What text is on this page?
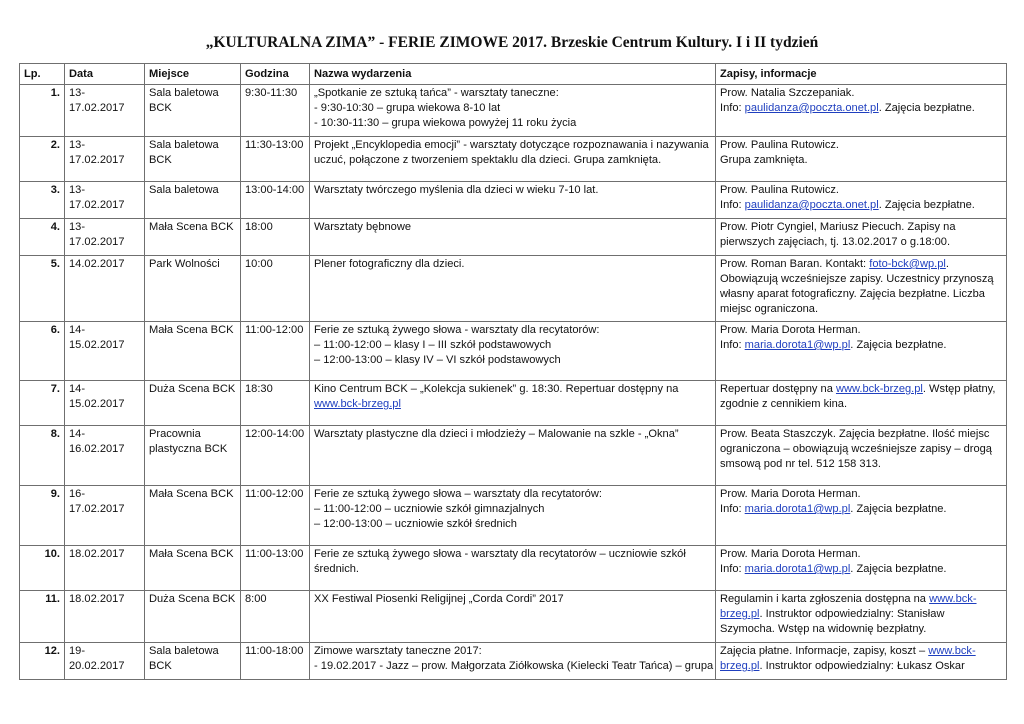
„KULTURALNA ZIMA” - FERIE ZIMOWE 2017. Brzeskie Centrum Kultury. I i II tydzień
Lp.	Data	Miejsce	Godzina	Nazwa wydarzenia	Zapisy, informacje
1.	13-17.02.2017	Sala baletowa BCK	9:30-11:30	„Spotkanie ze sztuką tańca” - warsztaty taneczne:
- 9:30-10:30 – grupa wiekowa 8-10 lat
- 10:30-11:30 – grupa wiekowa powyżej 11 roku życia	Prow. Natalia Szczepaniak.
Info: paulidanza@poczta.onet.pl. Zajęcia bezpłatne.

2.	13-17.02.2017	Sala baletowa BCK	11:30-13:00	Projekt „Encyklopedia emocji” - warsztaty dotyczące rozpoznawania i nazywania
uczuć, połączone z tworzeniem spektaklu dla dzieci. Grupa zamknięta.	Prow. Paulina Rutowicz.
Grupa zamknięta.

3.	13-17.02.2017	Sala baletowa	13:00-14:00	Warsztaty twórczego myślenia dla dzieci w wieku 7-10 lat.	Prow. Paulina Rutowicz.
Info: paulidanza@poczta.onet.pl. Zajęcia bezpłatne.

4.	13-17.02.2017	Mała Scena BCK	18:00	Warsztaty bębnowe	Prow. Piotr Cyngiel, Mariusz Piecuch. Zapisy na pierwszych zajęciach, tj. 13.02.2017 o g.18:00.

5.	14.02.2017	Park Wolności	10:00	Plener fotograficzny dla dzieci.	Prow. Roman Baran. Kontakt: foto-bck@wp.pl. Obowiązują wcześniejsze zapisy. Uczestnicy przynoszą własny aparat fotograficzny. Zajęcia bezpłatne. Liczba miejsc ograniczona.

6.	14-15.02.2017	Mała Scena BCK	11:00-12:00	Ferie ze sztuką żywego słowa - warsztaty dla recytatorów:
– 11:00-12:00 – klasy I – III szkół podstawowych
– 12:00-13:00 – klasy IV – VI szkół podstawowych	Prow. Maria Dorota Herman.
Info: maria.dorota1@wp.pl. Zajęcia bezpłatne.

7.	14-15.02.2017	Duża Scena BCK	18:30	Kino Centrum BCK – „Kolekcja sukienek” g. 18:30. Repertuar dostępny na
www.bck-brzeg.pl	Repertuar dostępny na www.bck-brzeg.pl. Wstęp płatny, zgodnie z cennikiem kina.

8.	14-16.02.2017	Pracownia plastyczna BCK	12:00-14:00	Warsztaty plastyczne dla dzieci i młodzieży – Malowanie na szkle - „Okna”	Prow. Beata Staszczyk. Zajęcia bezpłatne. Ilość miejsc ograniczona – obowiązują wcześniejsze zapisy – drogą smsową pod nr tel. 512 158 313.

9.	16-17.02.2017	Mała Scena BCK	11:00-12:00	Ferie ze sztuką żywego słowa – warsztaty dla recytatorów:
– 11:00-12:00 – uczniowie szkół gimnazjalnych
– 12:00-13:00 – uczniowie szkół średnich	Prow. Maria Dorota Herman.
Info: maria.dorota1@wp.pl. Zajęcia bezpłatne.

10.	18.02.2017	Mała Scena BCK	11:00-13:00	Ferie ze sztuką żywego słowa - warsztaty dla recytatorów – uczniowie szkół
średnich.	Prow. Maria Dorota Herman.
Info: maria.dorota1@wp.pl. Zajęcia bezpłatne.

11.	18.02.2017	Duża Scena BCK	8:00	XX Festiwal Piosenki Religijnej „Corda Cordi” 2017	Regulamin i karta zgłoszenia dostępna na www.bck-brzeg.pl. Instruktor odpowiedzialny: Stanisław Szymocha. Wstęp na widownię bezpłatny.

12.	19-20.02.2017	Sala baletowa BCK	11:00-18:00	Zimowe warsztaty taneczne 2017:
- 19.02.2017 - Jazz – prow. Małgorzata Ziółkowska (Kielecki Teatr Tańca) – grupa	Zajęcia płatne. Informacje, zapisy, koszt – www.bck-brzeg.pl. Instruktor odpowiedzialny: Łukasz Oskar
